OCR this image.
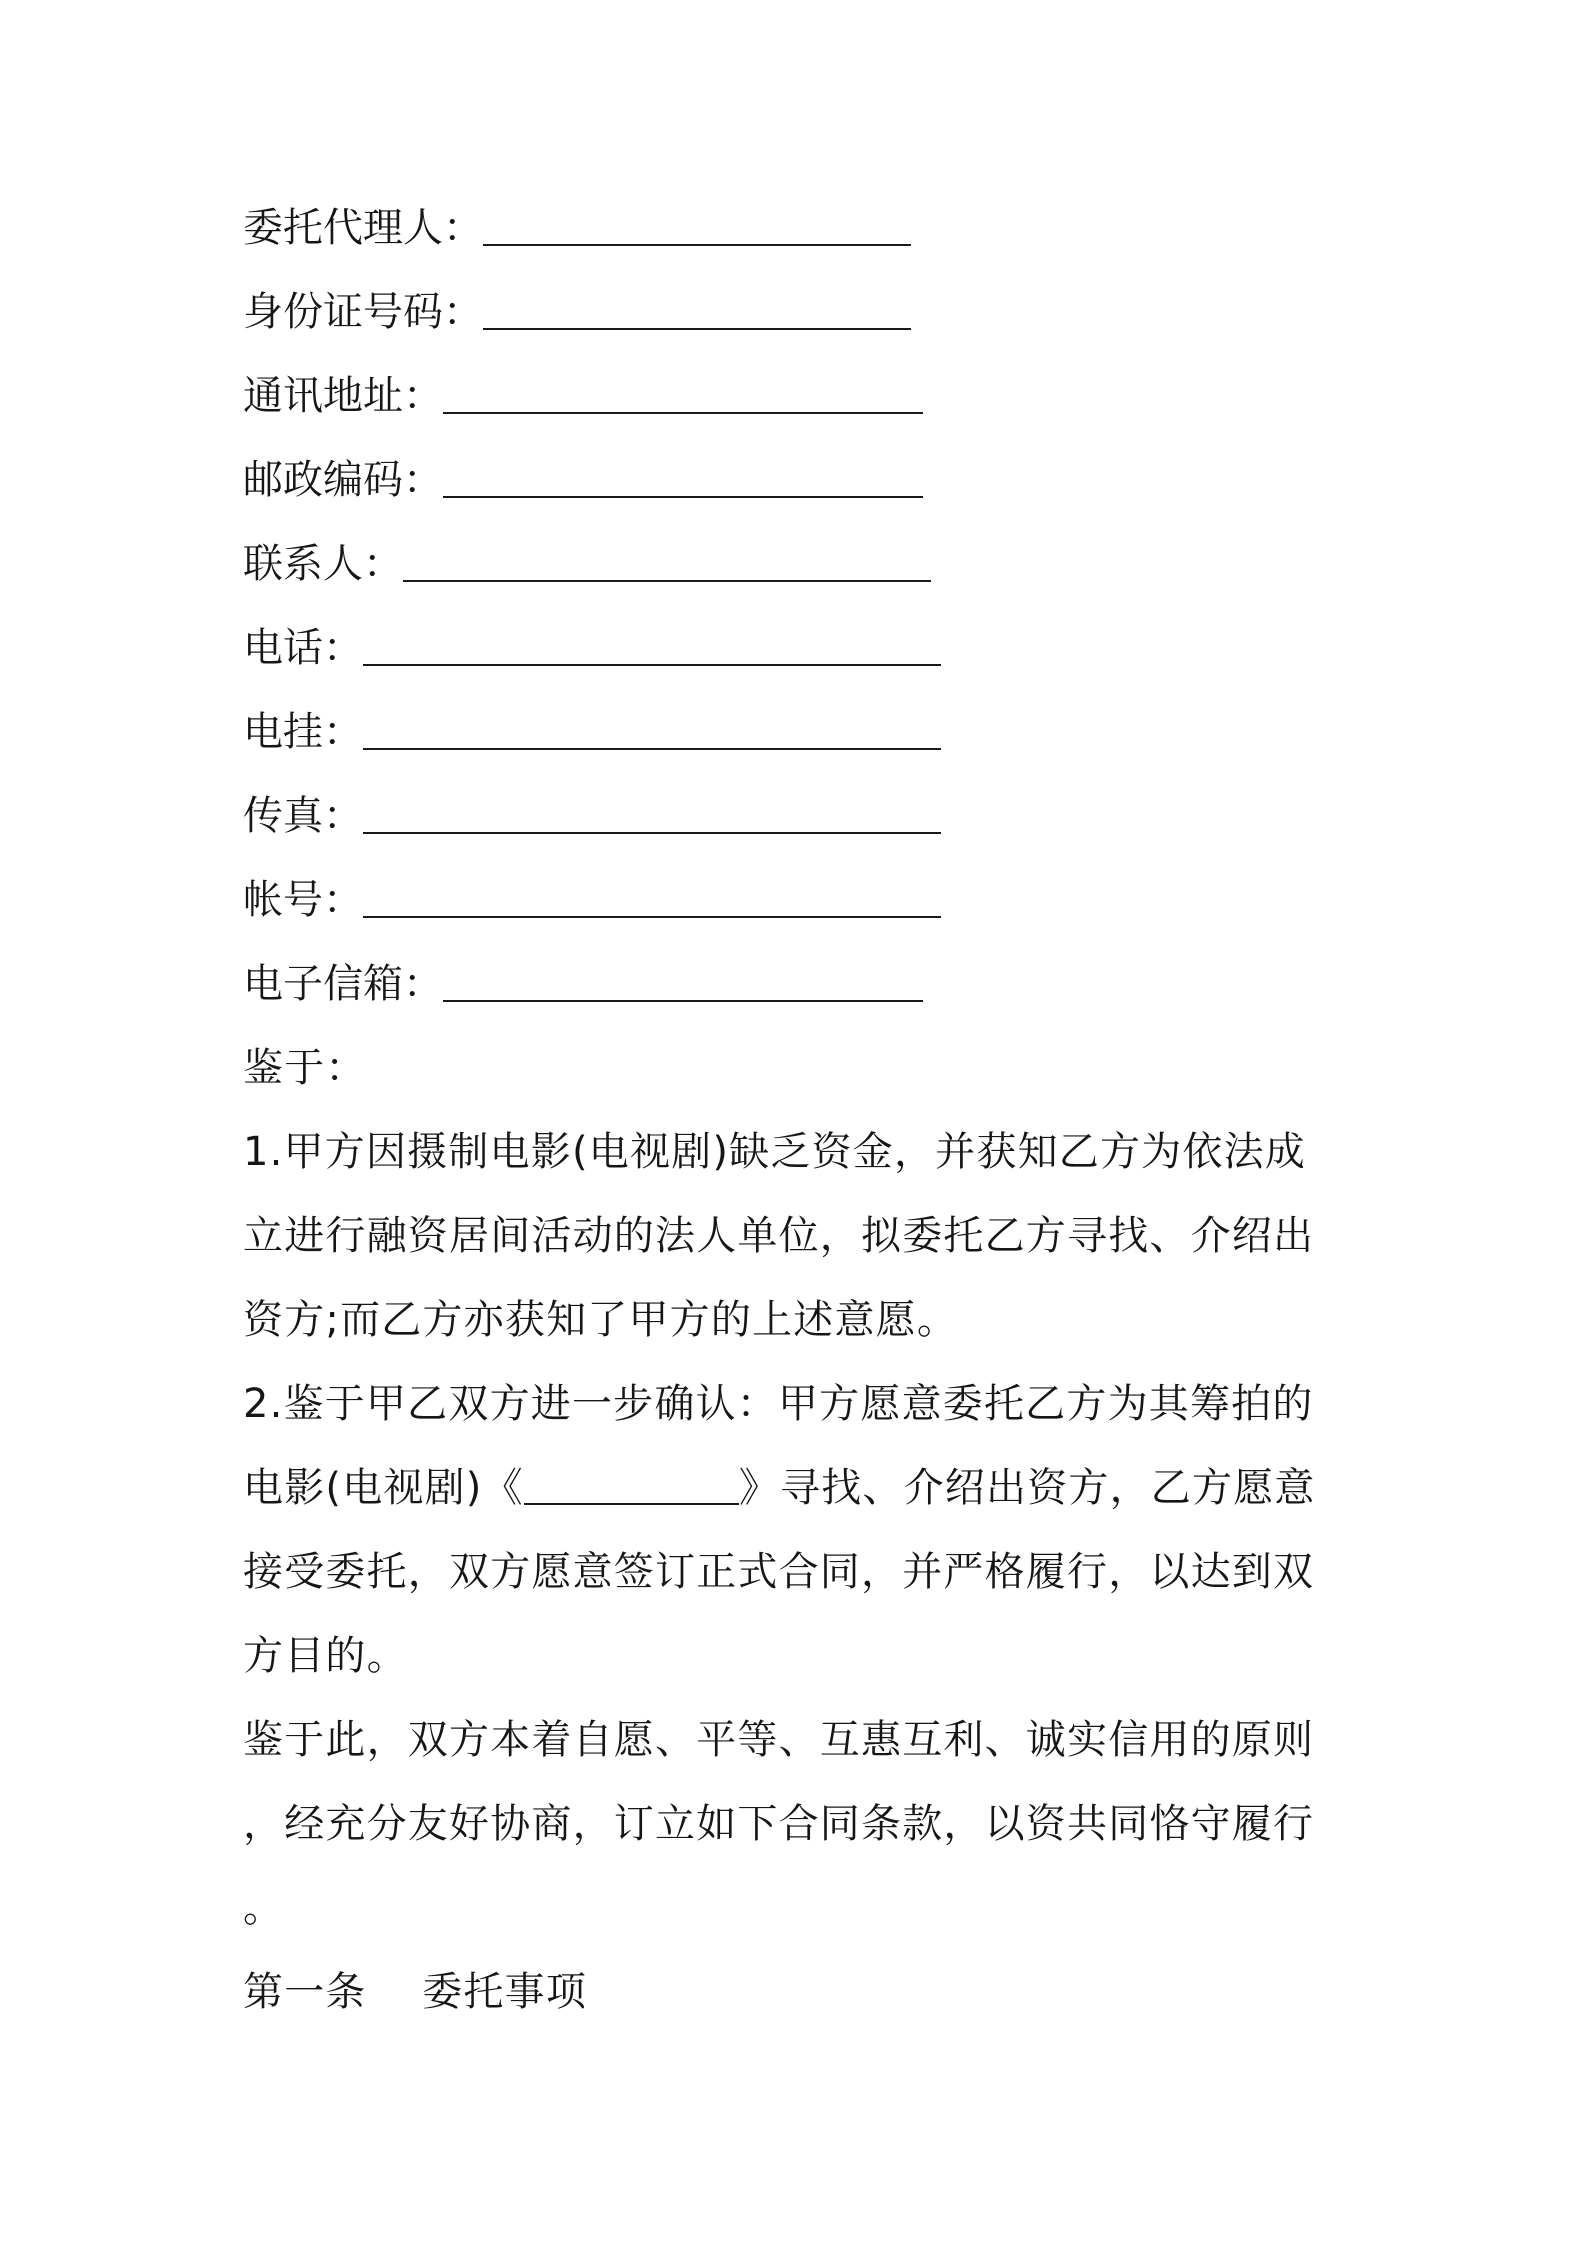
委托代理人：
身份证号码：
通讯地址：
邮政编码：
联系人：
电话：
电挂：
传真：
帐号：
电子信箱：
鉴于：
1.甲方因摄制电影(电视剧)缺乏资金，并获知乙方为依法成
立进行融资居间活动的法人单位，拟委托乙方寻找、介绍出
资方;而乙方亦获知了甲方的上述意愿。
2.鉴于甲乙双方进一步确认：甲方愿意委托乙方为其筹拍的
电影(电视剧)《	》寻找、介绍出资方，乙方愿意
接受委托，双方愿意签订正式合同，并严格履行，以达到双
方目的。
鉴于此，双方本着自愿、平等、互惠互利、诚实信用的原则
，经充分友好协商，订立如下合同条款，以资共同恪守履行
。
第一条    委托事项
